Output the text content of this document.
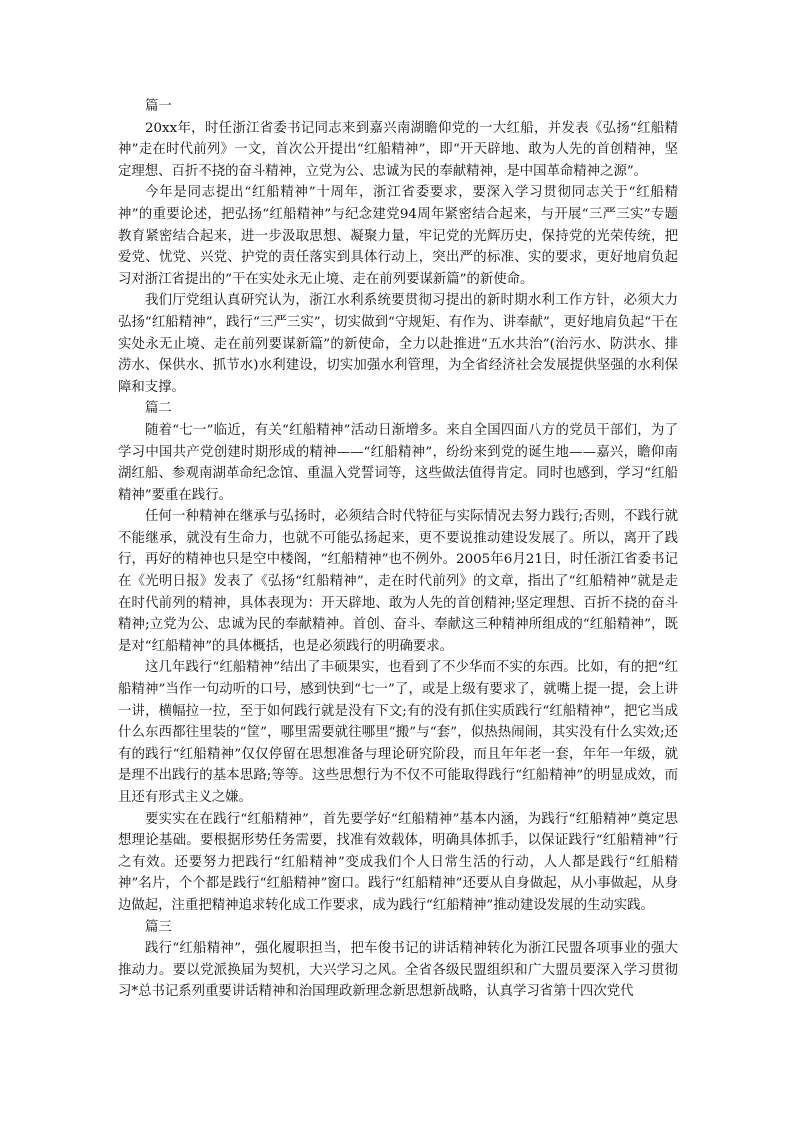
篇一

20xx年，时任浙江省委书记同志来到嘉兴南湖瞻仰党的一大红船，并发表《弘扬“红船精神”走在时代前列》一文，首次公开提出“红船精神”，即“开天辟地、敢为人先的首创精神，坚定理想、百折不挠的奋斗精神，立党为公、忠诚为民的奉献精神，是中国革命精神之源”。

今年是同志提出“红船精神”十周年，浙江省委要求，要深入学习贯彻同志关于“红船精神”的重要论述，把弘扬“红船精神”与纪念建党94周年紧密结合起来，与开展“三严三实”专题教育紧密结合起来，进一步汲取思想、凝聚力量，牢记党的光辉历史，保持党的光荣传统，把爱党、忧党、兴党、护党的责任落实到具体行动上，突出严的标准、实的要求，更好地肩负起习对浙江省提出的“干在实处永无止境、走在前列要谋新篇”的新使命。

我们厅党组认真研究认为，浙江水利系统要贯彻习提出的新时期水利工作方针，必须大力弘扬“红船精神”，践行“三严三实”，切实做到“守规矩、有作为、讲奉献”，更好地肩负起“干在实处永无止境、走在前列要谋新篇”的新使命，全力以赴推进“五水共治”(治污水、防洪水、排涝水、保供水、抓节水)水利建设，切实加强水利管理，为全省经济社会发展提供坚强的水利保障和支撑。

篇二

随着“七一”临近，有关“红船精神”活动日渐增多。来自全国四面八方的党员干部们，为了学习中国共产党创建时期形成的精神——“红船精神”，纷纷来到党的诞生地——嘉兴，瞻仰南湖红船、参观南湖革命纪念馆、重温入党誓词等，这些做法值得肯定。同时也感到，学习“红船精神”要重在践行。

任何一种精神在继承与弘扬时，必须结合时代特征与实际情况去努力践行;否则，不践行就不能继承，就没有生命力，也就不可能弘扬起来，更不要说推动建设发展了。所以，离开了践行，再好的精神也只是空中楼阁，“红船精神”也不例外。2005年6月21日，时任浙江省委书记在《光明日报》发表了《弘扬“红船精神”，走在时代前列》的文章，指出了“红船精神”就是走在时代前列的精神，具体表现为：开天辟地、敢为人先的首创精神;坚定理想、百折不挠的奋斗精神;立党为公、忠诚为民的奉献精神。首创、奋斗、奉献这三种精神所组成的“红船精神”，既是对“红船精神”的具体概括，也是必须践行的明确要求。

这几年践行“红船精神”结出了丰硕果实，也看到了不少华而不实的东西。比如，有的把“红船精神”当作一句动听的口号，感到快到“七一”了，或是上级有要求了，就嘴上提一提，会上讲一讲，横幅拉一拉，至于如何践行就是没有下文;有的没有抓住实质践行“红船精神”，把它当成什么东西都往里装的“筐”，哪里需要就往哪里“搬”与“套”，似热热闹闹，其实没有什么实效;还有的践行“红船精神”仅仅停留在思想准备与理论研究阶段，而且年年老一套，年年一年级，就是理不出践行的基本思路;等等。这些思想行为不仅不可能取得践行“红船精神”的明显成效，而且还有形式主义之嫌。

要实实在在践行“红船精神”，首先要学好“红船精神”基本内涵，为践行“红船精神”奠定思想理论基础。要根据形势任务需要，找准有效载体，明确具体抓手，以保证践行“红船精神”行之有效。还要努力把践行“红船精神”变成我们个人日常生活的行动，人人都是践行“红船精神”名片，个个都是践行“红船精神”窗口。践行“红船精神”还要从自身做起，从小事做起，从身边做起，注重把精神追求转化成工作要求，成为践行“红船精神”推动建设发展的生动实践。

篇三

践行“红船精神”，强化履职担当，把车俊书记的讲话精神转化为浙江民盟各项事业的强大推动力。要以党派换届为契机，大兴学习之风。全省各级民盟组织和广大盟员要深入学习贯彻习*总书记系列重要讲话精神和治国理政新理念新思想新战略，认真学习省第十四次党代
